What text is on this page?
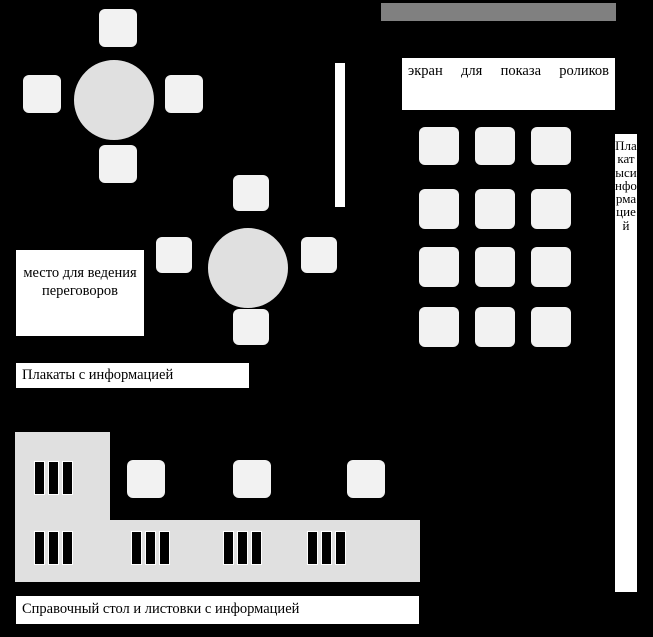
экран для показа роликов
Плакатысинформацией
место для ведения переговоров
Плакаты с информацией
Справочный стол и листовки с информацией
